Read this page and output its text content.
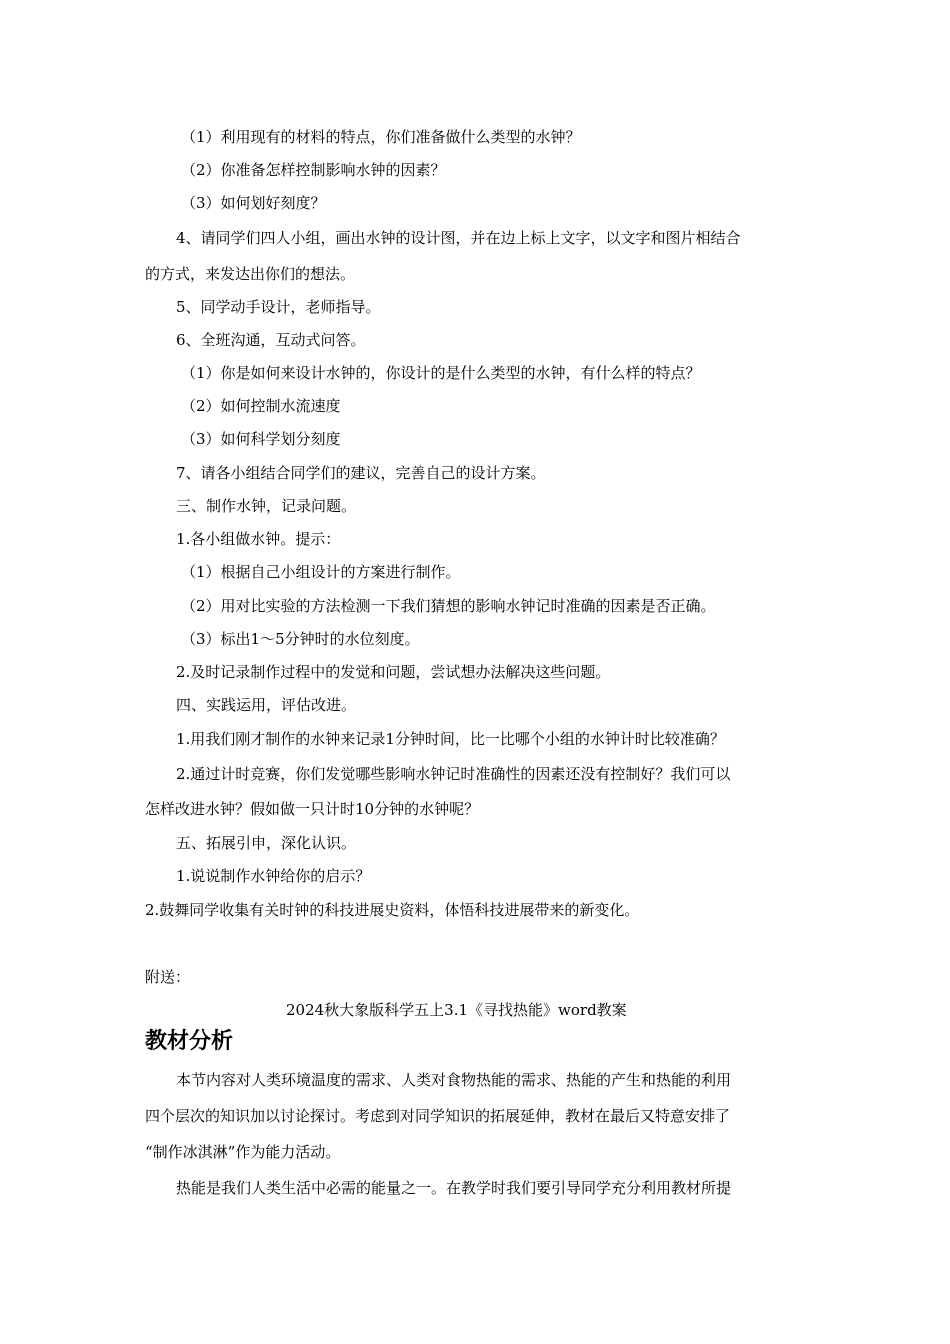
（1）利用现有的材料的特点，你们准备做什么类型的水钟？
（2）你准备怎样控制影响水钟的因素？
（3）如何划好刻度？
4、请同学们四人小组，画出水钟的设计图，并在边上标上文字，以文字和图片相结合
的方式，来发达出你们的想法。
5、同学动手设计，老师指导。
6、全班沟通，互动式问答。
（1）你是如何来设计水钟的，你设计的是什么类型的水钟，有什么样的特点？
（2）如何控制水流速度
（3）如何科学划分刻度
7、请各小组结合同学们的建议，完善自己的设计方案。
三、制作水钟，记录问题。
1.各小组做水钟。提示：
（1）根据自己小组设计的方案进行制作。
（2）用对比实验的方法检测一下我们猜想的影响水钟记时准确的因素是否正确。
（3）标出1～5分钟时的水位刻度。
2.及时记录制作过程中的发觉和问题，尝试想办法解决这些问题。
四、实践运用，评估改进。
1.用我们刚才制作的水钟来记录1分钟时间，比一比哪个小组的水钟计时比较准确？
2.通过计时竞赛，你们发觉哪些影响水钟记时准确性的因素还没有控制好？我们可以
怎样改进水钟？假如做一只计时10分钟的水钟呢？
五、拓展引申，深化认识。
1.说说制作水钟给你的启示？
2.鼓舞同学收集有关时钟的科技进展史资料，体悟科技进展带来的新变化。
附送：
2024秋大象版科学五上3.1《寻找热能》word教案
教材分析
本节内容对人类环境温度的需求、人类对食物热能的需求、热能的产生和热能的利用
四个层次的知识加以讨论探讨。考虑到对同学知识的拓展延伸，教材在最后又特意安排了
“制作冰淇淋”作为能力活动。
热能是我们人类生活中必需的能量之一。在教学时我们要引导同学充分利用教材所提
